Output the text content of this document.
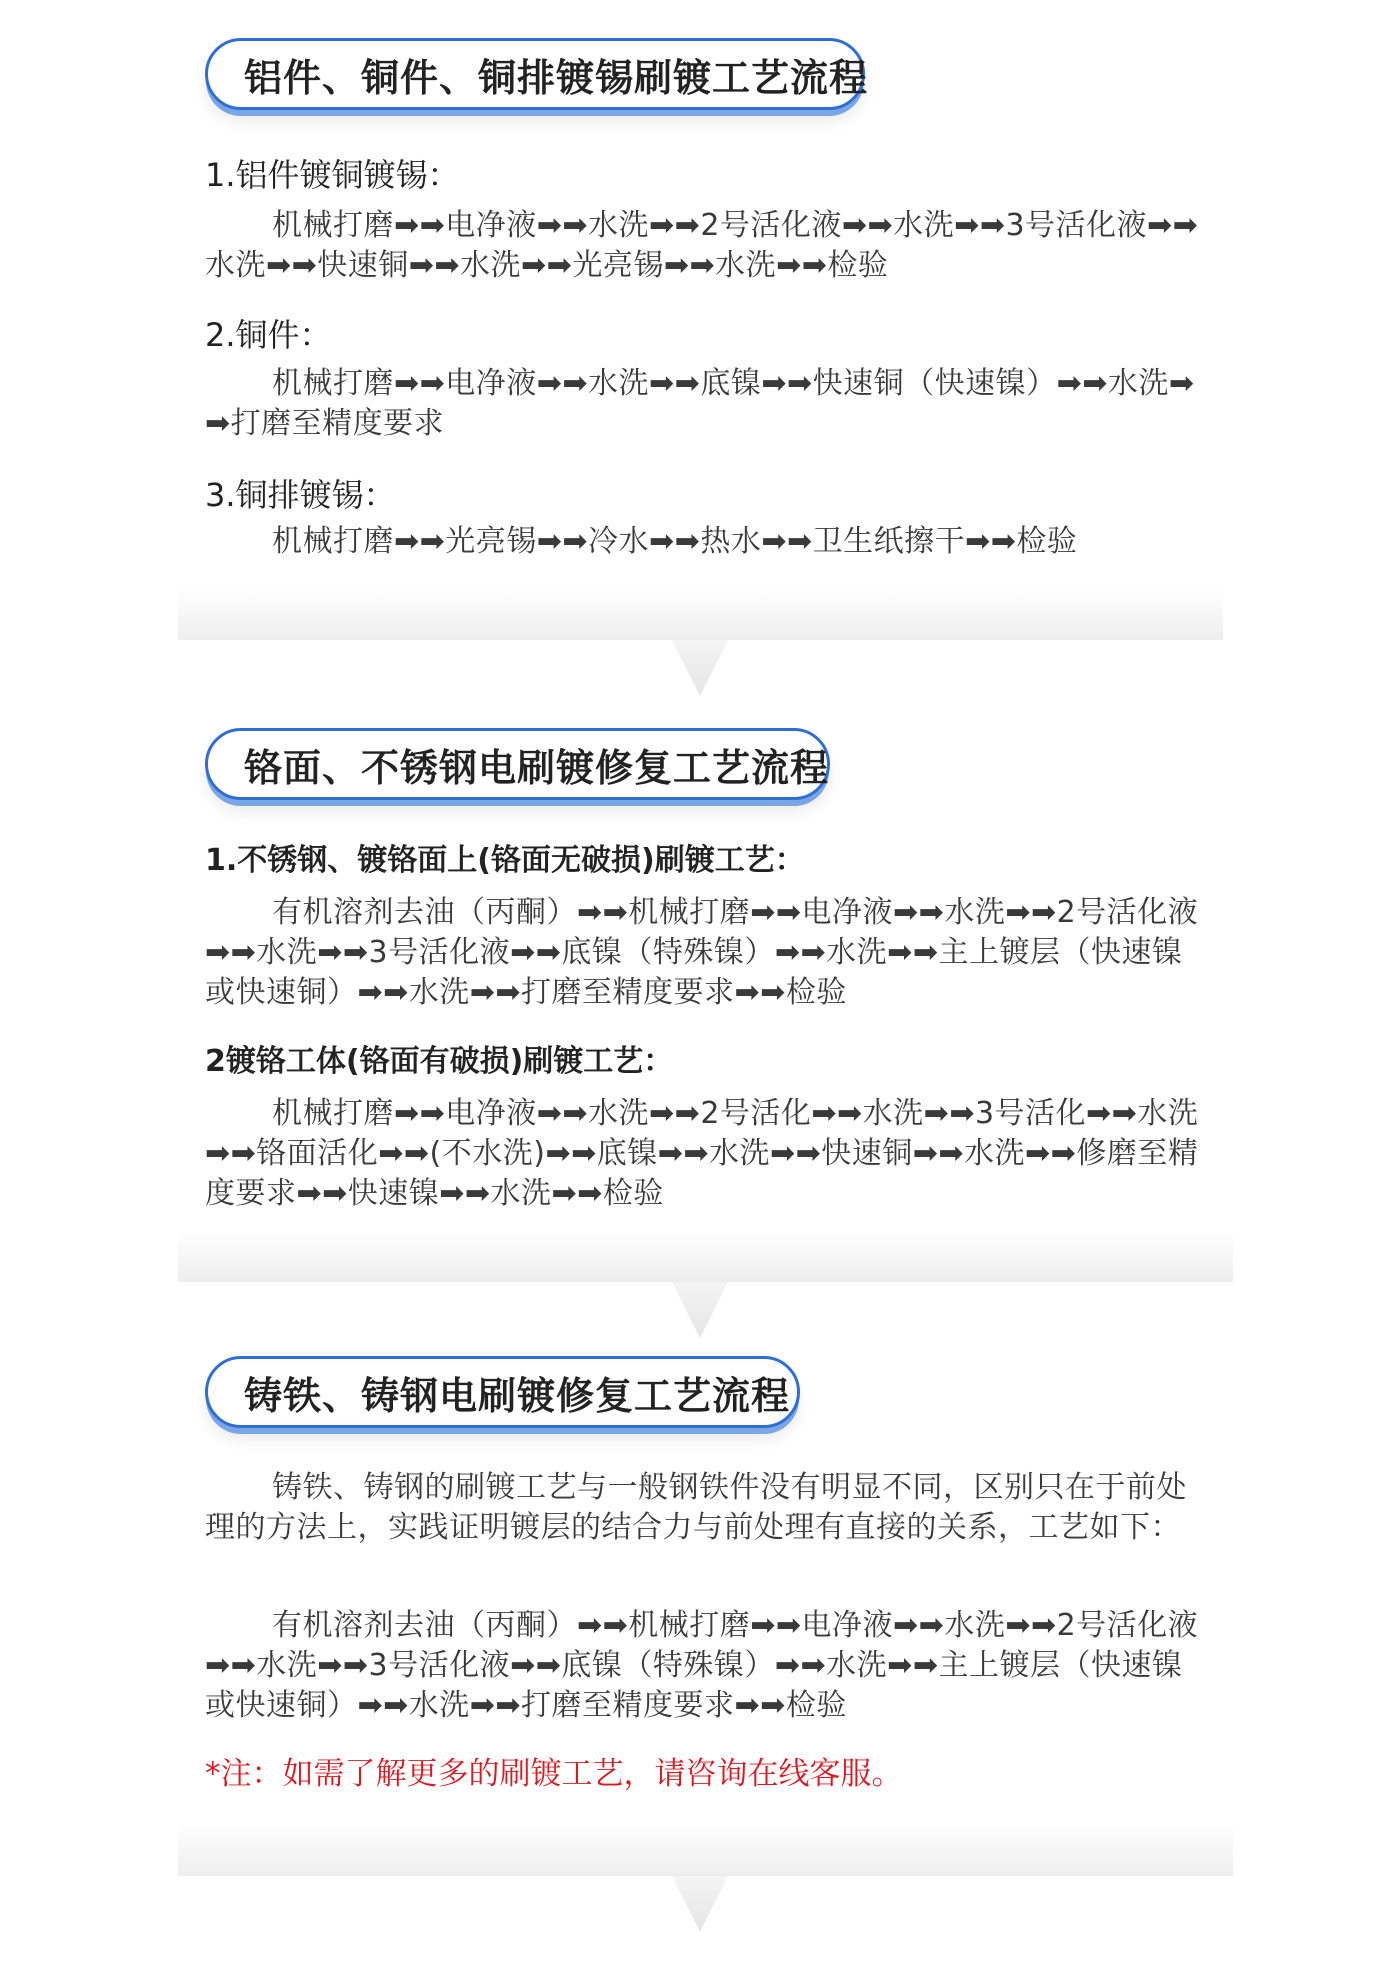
铝件、铜件、铜排镀锡刷镀工艺流程
1.铝件镀铜镀锡：
机械打磨➡➡电净液➡➡水洗➡➡2号活化液➡➡水洗➡➡3号活化液➡➡水洗➡➡快速铜➡➡水洗➡➡光亮锡➡➡水洗➡➡检验
2.铜件：
机械打磨➡➡电净液➡➡水洗➡➡底镍➡➡快速铜（快速镍）➡➡水洗➡➡打磨至精度要求
3.铜排镀锡：
机械打磨➡➡光亮锡➡➡冷水➡➡热水➡➡卫生纸擦干➡➡检验
铬面、不锈钢电刷镀修复工艺流程
1.不锈钢、镀铬面上(铬面无破损)刷镀工艺：
有机溶剂去油（丙酮）➡➡机械打磨➡➡电净液➡➡水洗➡➡2号活化液➡➡水洗➡➡3号活化液➡➡底镍（特殊镍）➡➡水洗➡➡主上镀层（快速镍或快速铜）➡➡水洗➡➡打磨至精度要求➡➡检验
2镀铬工体(铬面有破损)刷镀工艺：
机械打磨➡➡电净液➡➡水洗➡➡2号活化➡➡水洗➡➡3号活化➡➡水洗➡➡铬面活化➡➡(不水洗)➡➡底镍➡➡水洗➡➡快速铜➡➡水洗➡➡修磨至精度要求➡➡快速镍➡➡水洗➡➡检验
铸铁、铸钢电刷镀修复工艺流程
铸铁、铸钢的刷镀工艺与一般钢铁件没有明显不同，区别只在于前处理的方法上，实践证明镀层的结合力与前处理有直接的关系，工艺如下：
有机溶剂去油（丙酮）➡➡机械打磨➡➡电净液➡➡水洗➡➡2号活化液➡➡水洗➡➡3号活化液➡➡底镍（特殊镍）➡➡水洗➡➡主上镀层（快速镍或快速铜）➡➡水洗➡➡打磨至精度要求➡➡检验
*注：如需了解更多的刷镀工艺，请咨询在线客服。
